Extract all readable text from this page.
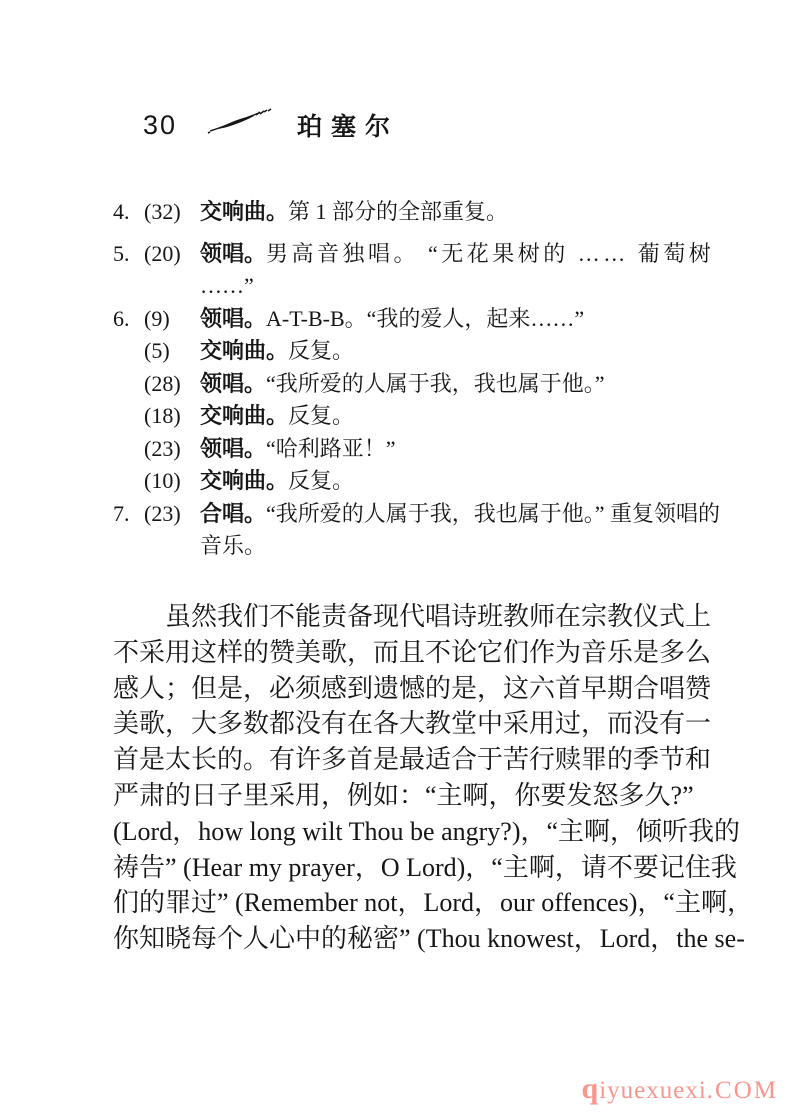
30	珀塞尔
4. (32) 交响曲。第 1 部分的全部重复。
5. (20) 领唱。男高音独唱。 “无花果树的 …… 葡萄树
……”
6. (9) 领唱。A-T-B-B。“我的爱人，起来……”
(5) 交响曲。反复。
(28) 领唱。“我所爱的人属于我，我也属于他。”
(18) 交响曲。反复。
(23) 领唱。“哈利路亚！”
(10) 交响曲。反复。
7. (23) 合唱。“我所爱的人属于我，我也属于他。” 重复领唱的
音乐。

虽然我们不能责备现代唱诗班教师在宗教仪式上

不采用这样的赞美歌，而且不论它们作为音乐是多么

感人；但是，必须感到遗憾的是，这六首早期合唱赞

美歌，大多数都没有在各大教堂中采用过，而没有一

首是太长的。有许多首是最适合于苦行赎罪的季节和

严肃的日子里采用，例如：“主啊，你要发怒多久?”

(Lord，how long wilt Thou be angry?)，“主啊，倾听我的

祷告” (Hear my prayer，O Lord)，“主啊，请不要记住我

们的罪过” (Remember not，Lord，our offences)，“主啊，

你知晓每个人心中的秘密” (Thou knowest，Lord，the se-

qiyuexuexi.COM
